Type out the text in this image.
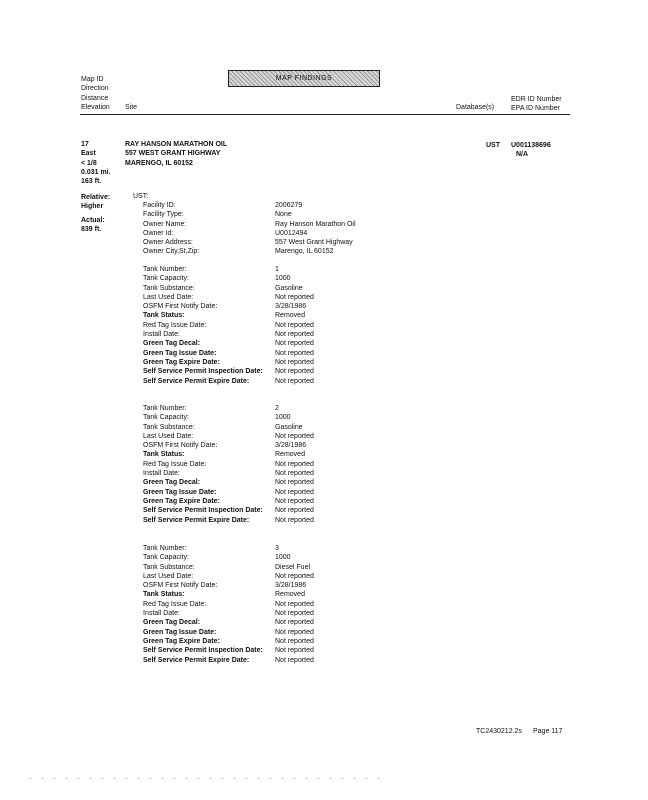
MAP FINDINGS
Map ID
Direction
Distance
Elevation Site	Database(s)
EDR ID Number
EPA ID Number
17
East
< 1/8
0.031 mi.
163 ft.
RAY HANSON MARATHON OIL
557 WEST GRANT HIGHWAY
MARENGO, IL 60152
UST U001138696
N/A
Relative:
Higher
Actual:
839 ft.
UST:
Facility ID:
Facility Type:
Owner Name:
Owner Id:
Owner Address:
Owner City,St,Zip:
2006279
None
Ray Hanson Marathon Oil
U0012494
557 West Grant Highway
Marengo, IL 60152
Tank Number:
Tank Capacity:
Tank Substance:
Last Used Date:
OSFM First Notify Date:
Tank Status:
Red Tag Issue Date:
Install Date:
Green Tag Decal:
Green Tag Issue Date:
Green Tag Expire Date:
Self Service Permit Inspection Date:
Self Service Permit Expire Date:
1
1000
Gasoline
Not reported
3/28/1986
Removed
Not reported
Not reported
Not reported
Not reported
Not reported
Not reported
Not reported
Tank Number:
Tank Capacity:
Tank Substance:
Last Used Date:
OSFM First Notify Date:
Tank Status:
Red Tag Issue Date:
Install Date:
Green Tag Decal:
Green Tag Issue Date:
Green Tag Expire Date:
Self Service Permit Inspection Date:
Self Service Permit Expire Date:
2
1000
Gasoline
Not reported
3/28/1986
Removed
Not reported
Not reported
Not reported
Not reported
Not reported
Not reported
Not reported
Tank Number:
Tank Capacity:
Tank Substance:
Last Used Date:
OSFM First Notify Date:
Tank Status:
Red Tag Issue Date:
Install Date:
Green Tag Decal:
Green Tag Issue Date:
Green Tag Expire Date:
Self Service Permit Inspection Date:
Self Service Permit Expire Date:
3
1000
Diesel Fuel
Not reported
3/28/1986
Removed
Not reported
Not reported
Not reported
Not reported
Not reported
Not reported
Not reported
TC2430212.2s Page 117
